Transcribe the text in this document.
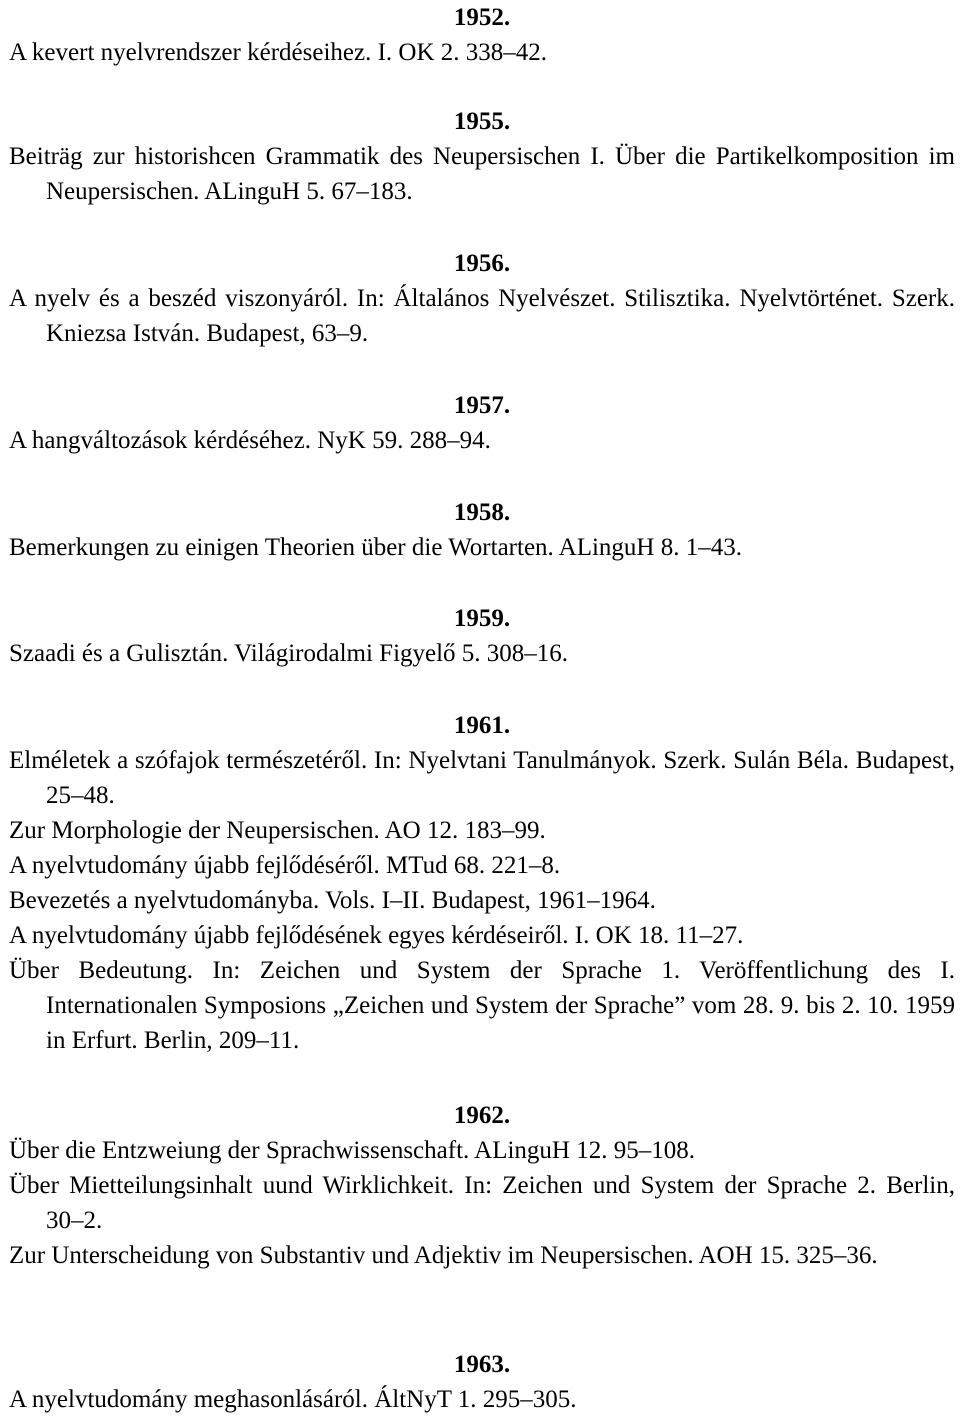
1952.

A kevert nyelvrendszer kérdéseihez. I. OK 2. 338–42.

1955.

Beiträg zur historishcen Grammatik des Neupersischen I. Über die Partikelkomposition im Neupersischen. ALinguH 5. 67–183.

1956.

A nyelv és a beszéd viszonyáról. In: Általános Nyelvészet. Stilisztika. Nyelvtörténet. Szerk. Kniezsa István. Budapest, 63–9.

1957.

A hangváltozások kérdéséhez. NyK 59. 288–94.

1958.

Bemerkungen zu einigen Theorien über die Wortarten. ALinguH 8. 1–43.

1959.

Szaadi és a Gulisztán. Világirodalmi Figyelő 5. 308–16.

1961.

Elméletek a szófajok természetéről. In: Nyelvtani Tanulmányok. Szerk. Sulán Béla. Budapest, 25–48.

Zur Morphologie der Neupersischen. AO 12. 183–99.

A nyelvtudomány újabb fejlődéséről. MTud 68. 221–8.

Bevezetés a nyelvtudományba. Vols. I–II. Budapest, 1961–1964.

A nyelvtudomány újabb fejlődésének egyes kérdéseiről. I. OK 18. 11–27.

Über Bedeutung. In: Zeichen und System der Sprache 1. Veröffentlichung des I. Internationalen Symposions „Zeichen und System der Sprache” vom 28. 9. bis 2. 10. 1959 in Erfurt. Berlin, 209–11.

1962.

Über die Entzweiung der Sprachwissenschaft. ALinguH 12. 95–108.

Über Mietteilungsinhalt uund Wirklichkeit. In: Zeichen und System der Sprache 2. Berlin, 30–2.

Zur Unterscheidung von Substantiv und Adjektiv im Neupersischen. AOH 15. 325–36.

1963.

A nyelvtudomány meghasonlásáról. ÁltNyT 1. 295–305.
